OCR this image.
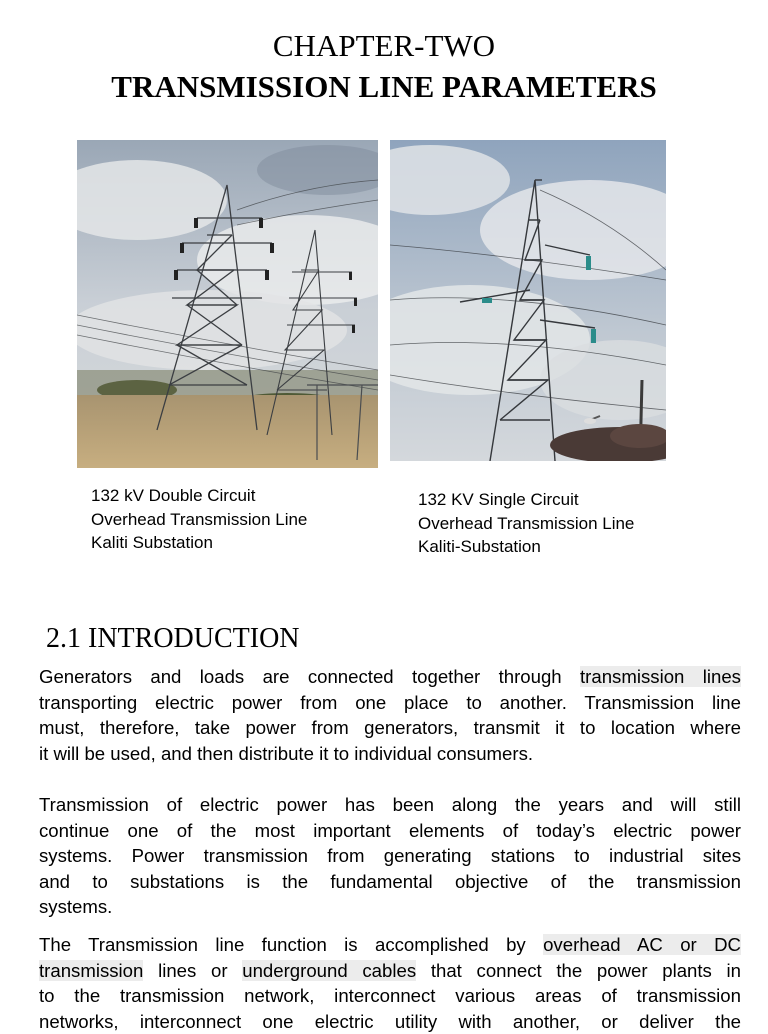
CHAPTER-TWO
TRANSMISSION LINE PARAMETERS
132 kV Double Circuit
Overhead Transmission Line
Kaliti Substation
132 KV Single Circuit
Overhead Transmission Line
Kaliti-Substation
2.1 INTRODUCTION
Generators and loads are connected together through transmission lines
transporting electric power from one place to another. Transmission line
must, therefore, take power from generators, transmit it to location where
it will be used, and then distribute it to individual consumers.
Transmission of electric power has been along the years and will still
continue one of the most important elements of today’s electric power
systems. Power transmission from generating stations to industrial sites
and to substations is the fundamental objective of the transmission
systems.
The Transmission line function is accomplished by overhead AC or DC
transmission lines or underground cables that connect the power plants in
to the transmission network, interconnect various areas of transmission
networks, interconnect one electric utility with another, or deliver the
